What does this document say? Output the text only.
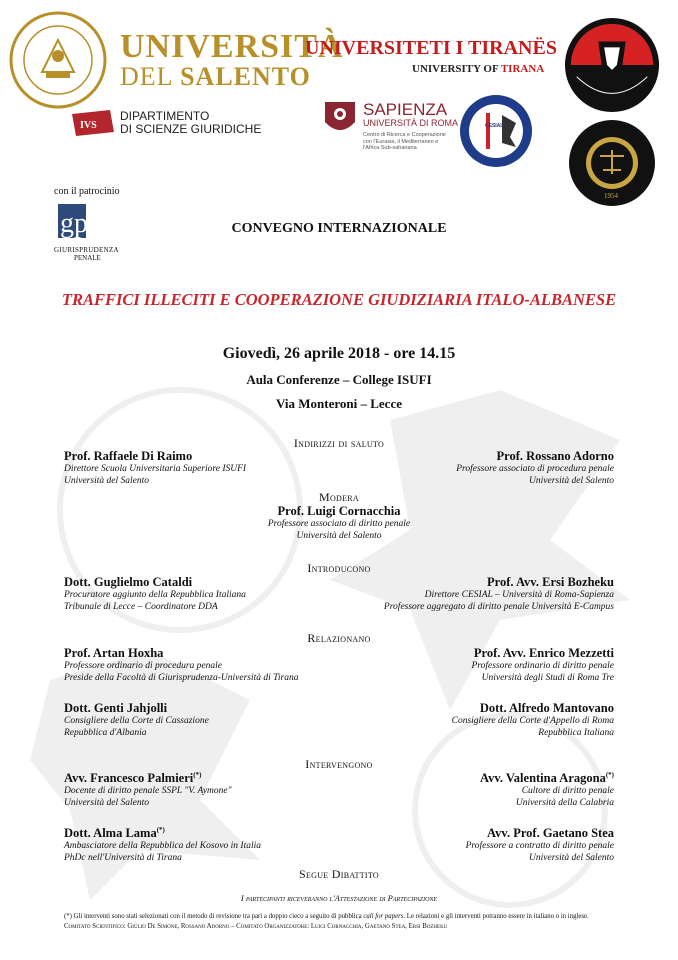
UNIVERSITÀ
DEL SALENTO
UNIVERSITETI I TIRANËS
UNIVERSITY OF TIRANA
IVS
DIPARTIMENTO
DI SCIENZE GIURIDICHE
SAPIENZA
UNIVERSITÀ DI ROMA
Centro di Ricerca e Cooperazione con l'Eurasia, il Mediterraneo e l'Africa Sub-sahariana
CESIAL
1954
con il patrocinio
gp
GIURISPRUDENZA
PENALE
CONVEGNO INTERNAZIONALE
TRAFFICI ILLECITI E COOPERAZIONE GIUDIZIARIA ITALO-ALBANESE
Giovedì, 26 aprile 2018 - ore 14.15
Aula Conferenze – College ISUFI
Via Monteroni – Lecce
Indirizzi di saluto
Prof. Raffaele Di Raimo
Direttore Scuola Universitaria Superiore ISUFI
Università del Salento
Prof. Rossano Adorno
Professore associato di procedura penale
Università del Salento
Modera
Prof. Luigi Cornacchia
Professore associato di diritto penale
Università del Salento
Introducono
Dott. Guglielmo Cataldi
Procuratore aggiunto della Repubblica Italiana
Tribunale di Lecce – Coordinatore DDA
Prof. Avv. Ersi Bozheku
Direttore CESIAL – Università di Roma-Sapienza
Professore aggregato di diritto penale Università E-Campus
Relazionano
Prof. Artan Hoxha
Professore ordinario di procedura penale
Preside della Facoltà di Giurisprudenza-Università di Tirana
Prof. Avv. Enrico Mezzetti
Professore ordinario di diritto penale
Università degli Studi di Roma Tre
Dott. Genti Jahjolli
Consigliere della Corte di Cassazione
Repubblica d'Albania
Dott. Alfredo Mantovano
Consigliere della Corte d'Appello di Roma
Repubblica Italiana
Intervengono
Avv. Francesco Palmieri(*)
Docente di diritto penale SSPL "V. Aymone"
Università del Salento
Avv. Valentina Aragona(*)
Cultore di diritto penale
Università della Calabria
Dott. Alma Lama(*)
Ambasciatore della Repubblica del Kosovo in Italia
PhDc nell'Università di Tirana
Avv. Prof. Gaetano Stea
Professore a contratto di diritto penale
Università del Salento
Segue Dibattito
I partecipanti riceveranno l'Attestazione di Partecipazione
(*) Gli interventi sono stati selezionati con il metodo di revisione tra pari a doppio cieco a seguito di pubblica call for papers. Le relazioni e gli interventi potranno essere in italiano o in inglese.
Comitato Scientifico: Giulio De Simone, Rossano Adorno – Comitato Organizzatore: Luigi Cornacchia, Gaetano Stea, Ersi Bozheku
